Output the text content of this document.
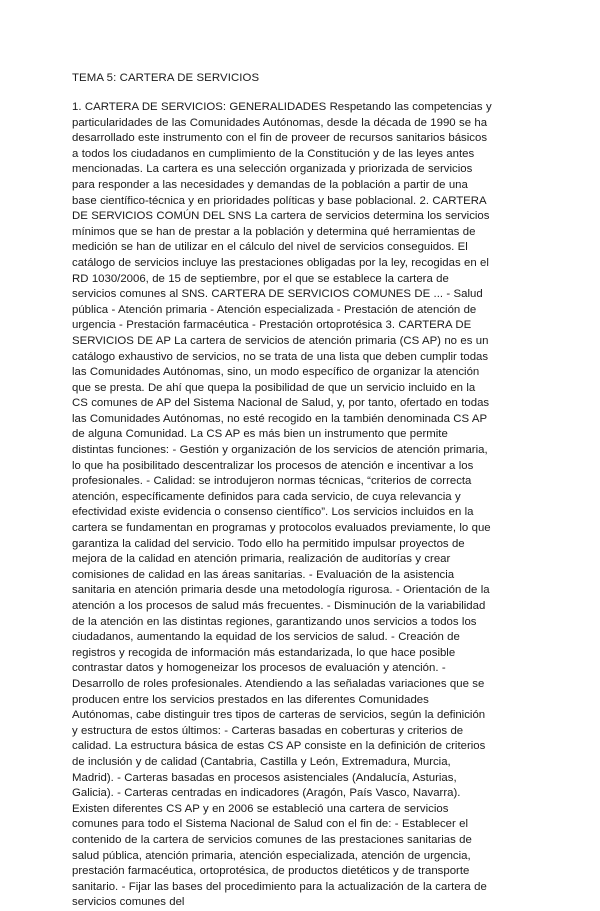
TEMA 5: CARTERA DE SERVICIOS

1. CARTERA DE SERVICIOS: GENERALIDADES Respetando las competencias y particularidades de las Comunidades Autónomas, desde la década de 1990 se ha desarrollado este instrumento con el fin de proveer de recursos sanitarios básicos a todos los ciudadanos en cumplimiento de la Constitución y de las leyes antes mencionadas. La cartera es una selección organizada y priorizada de servicios para responder a las necesidades y demandas de la población a partir de una base científico-técnica y en prioridades políticas y base poblacional. 2. CARTERA DE SERVICIOS COMÚN DEL SNS La cartera de servicios determina los servicios mínimos que se han de prestar a la población y determina qué herramientas de medición se han de utilizar en el cálculo del nivel de servicios conseguidos. El catálogo de servicios incluye las prestaciones obligadas por la ley, recogidas en el RD 1030/2006, de 15 de septiembre, por el que se establece la cartera de servicios comunes al SNS. CARTERA DE SERVICIOS COMUNES DE ... - Salud pública - Atención primaria - Atención especializada - Prestación de atención de urgencia - Prestación farmacéutica - Prestación ortoprotésica 3. CARTERA DE SERVICIOS DE AP La cartera de servicios de atención primaria (CS AP) no es un catálogo exhaustivo de servicios, no se trata de una lista que deben cumplir todas las Comunidades Autónomas, sino, un modo específico de organizar la atención que se presta. De ahí que quepa la posibilidad de que un servicio incluido en la CS comunes de AP del Sistema Nacional de Salud, y, por tanto, ofertado en todas las Comunidades Autónomas, no esté recogido en la también denominada CS AP de alguna Comunidad. La CS AP es más bien un instrumento que permite distintas funciones: - Gestión y organización de los servicios de atención primaria, lo que ha posibilitado descentralizar los procesos de atención e incentivar a los profesionales. - Calidad: se introdujeron normas técnicas, “criterios de correcta atención, específicamente definidos para cada servicio, de cuya relevancia y efectividad existe evidencia o consenso científico”. Los servicios incluidos en la cartera se fundamentan en programas y protocolos evaluados previamente, lo que garantiza la calidad del servicio. Todo ello ha permitido impulsar proyectos de mejora de la calidad en atención primaria, realización de auditorías y crear comisiones de calidad en las áreas sanitarias. - Evaluación de la asistencia sanitaria en atención primaria desde una metodología rigurosa. - Orientación de la atención a los procesos de salud más frecuentes. - Disminución de la variabilidad de la atención en las distintas regiones, garantizando unos servicios a todos los ciudadanos, aumentando la equidad de los servicios de salud. - Creación de registros y recogida de información más estandarizada, lo que hace posible contrastar datos y homogeneizar los procesos de evaluación y atención. - Desarrollo de roles profesionales. Atendiendo a las señaladas variaciones que se producen entre los servicios prestados en las diferentes Comunidades Autónomas, cabe distinguir tres tipos de carteras de servicios, según la definición y estructura de estos últimos: - Carteras basadas en coberturas y criterios de calidad. La estructura básica de estas CS AP consiste en la definición de criterios de inclusión y de calidad (Cantabria, Castilla y León, Extremadura, Murcia, Madrid). - Carteras basadas en procesos asistenciales (Andalucía, Asturias, Galicia). - Carteras centradas en indicadores (Aragón, País Vasco, Navarra). Existen diferentes CS AP y en 2006 se estableció una cartera de servicios comunes para todo el Sistema Nacional de Salud con el fin de: - Establecer el contenido de la cartera de servicios comunes de las prestaciones sanitarias de salud pública, atención primaria, atención especializada, atención de urgencia, prestación farmacéutica, ortoprotésica, de productos dietéticos y de transporte sanitario. - Fijar las bases del procedimiento para la actualización de la cartera de servicios comunes del
